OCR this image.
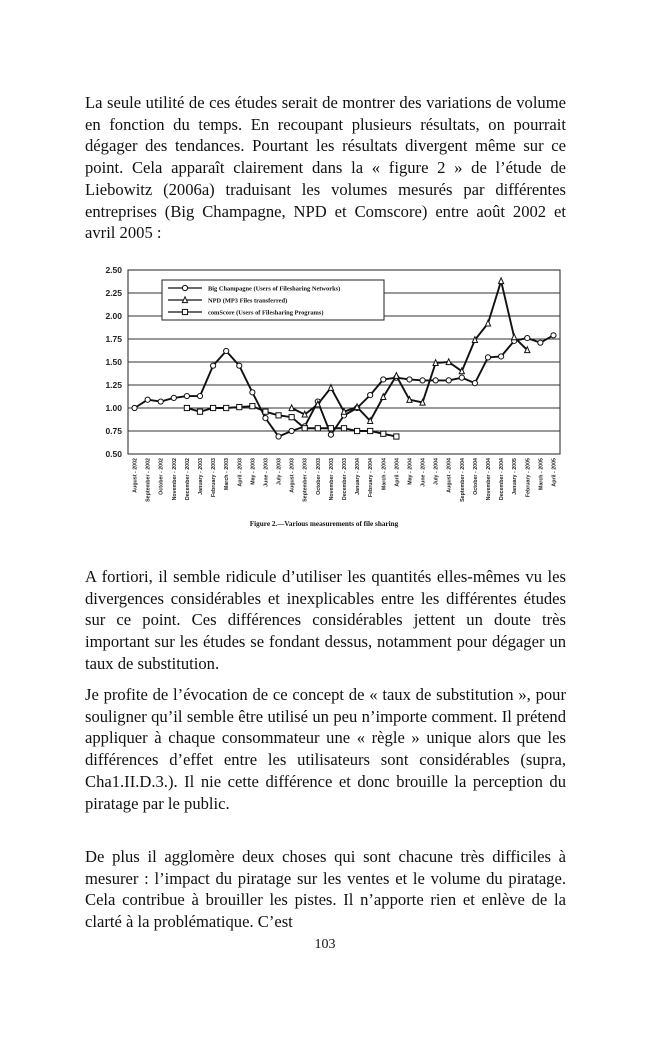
La seule utilité de ces études serait de montrer des variations de volume en fonction du temps. En recoupant plusieurs résultats, on pourrait dégager des tendances. Pourtant les résultats divergent même sur ce point. Cela apparaît clairement dans la « figure 2 » de l’étude de Liebowitz (2006a) traduisant les volumes mesurés par différentes entreprises (Big Champagne, NPD et Comscore) entre août 2002 et avril 2005 :

0.50
0.75
1.00
1.25
1.50
1.75
2.00
2.25
2.50
August - 2002 September - 2002 October - 2002 November - 2002 December - 2002 January - 2003 February - 2003 March - 2003 April - 2003 May - 2003 June - 2003 July - 2003 August - 2003 September - 2003 October - 2003 November - 2003 December - 2003 January - 2004 February - 2004 March - 2004 April - 2004 May - 2004 June - 2004 July - 2004 August - 2004 September - 2004 October - 2004 November - 2004 December - 2004 January - 2005 February - 2005 March - 2005 April - 2005
Big Champagne (Users of Filesharing Networks)
NPD (MP3 Files transferred)
comScore (Users of Filesharing Programs)
Figure 2.—Various measurements of file sharing

A fortiori, il semble ridicule d’utiliser les quantités elles-mêmes vu les divergences considérables et inexplicables entre les différentes études sur ce point. Ces différences considérables jettent un doute très important sur les études se fondant dessus, notamment pour dégager un taux de substitution.

Je profite de l’évocation de ce concept de « taux de substitution », pour souligner qu’il semble être utilisé un peu n’importe comment. Il prétend appliquer à chaque consommateur une « règle » unique alors que les différences d’effet entre les utilisateurs sont considérables (supra, Cha1.II.D.3.). Il nie cette différence et donc brouille la perception du piratage par le public.

De plus il agglomère deux choses qui sont chacune très difficiles à mesurer : l’impact du piratage sur les ventes et le volume du piratage. Cela contribue à brouiller les pistes. Il n’apporte rien et enlève de la clarté à la problématique. C’est

103
